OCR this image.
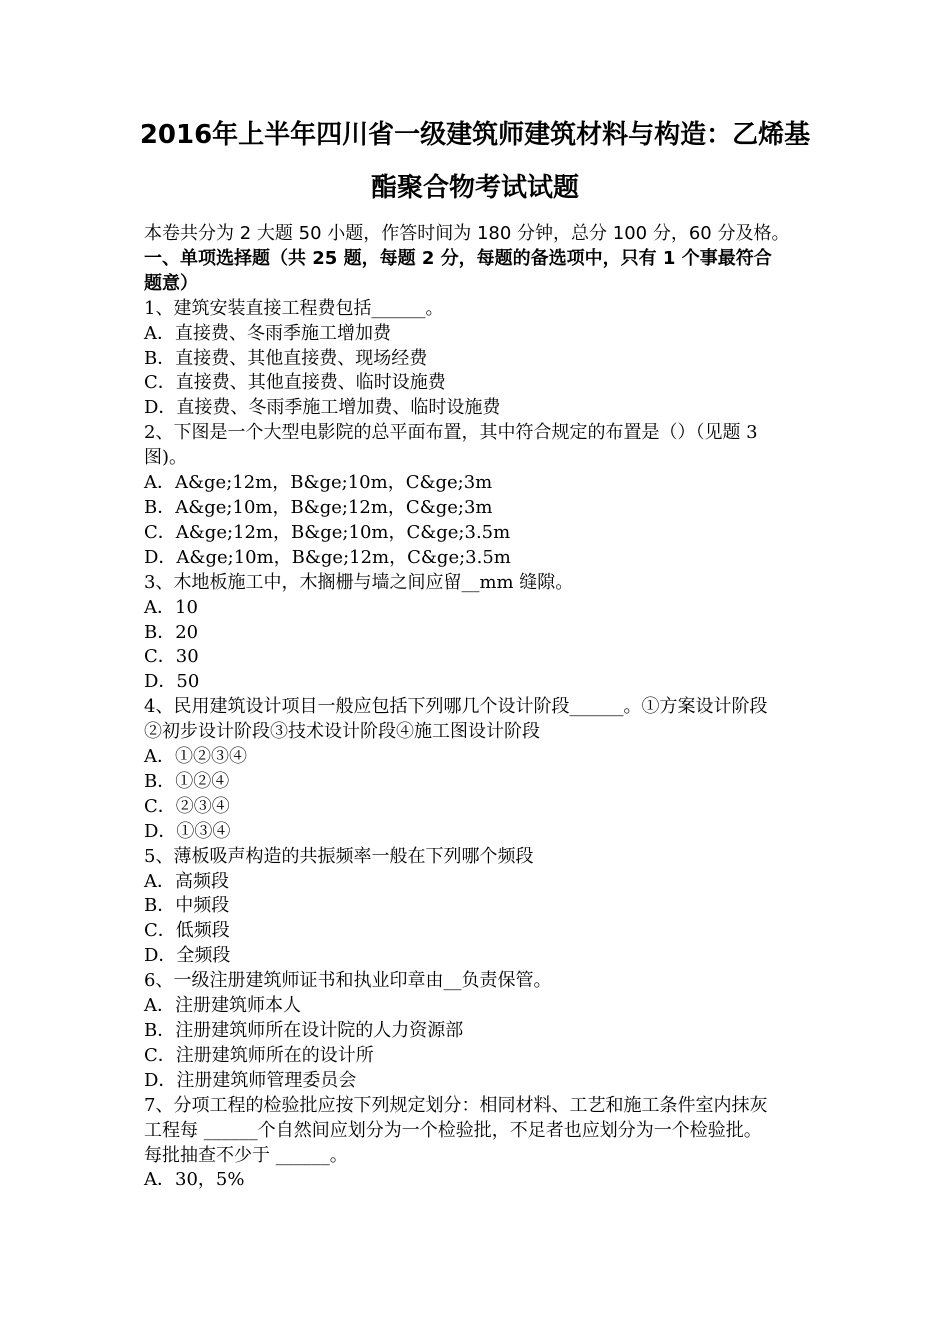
2016年上半年四川省一级建筑师建筑材料与构造：乙烯基
酯聚合物考试试题
本卷共分为 2 大题 50 小题，作答时间为 180 分钟，总分 100 分，60 分及格。
一、单项选择题（共 25 题，每题 2 分，每题的备选项中，只有 1 个事最符合
题意）
1、建筑安装直接工程费包括______。
A．直接费、冬雨季施工增加费
B．直接费、其他直接费、现场经费
C．直接费、其他直接费、临时设施费
D．直接费、冬雨季施工增加费、临时设施费
2、下图是一个大型电影院的总平面布置，其中符合规定的布置是（）（见题 3
图)。
A．A&ge;12m，B&ge;10m，C&ge;3m
B．A&ge;10m，B&ge;12m，C&ge;3m
C．A&ge;12m，B&ge;10m，C&ge;3.5m
D．A&ge;10m，B&ge;12m，C&ge;3.5m
3、木地板施工中，木搁栅与墙之间应留__mm 缝隙。
A．10
B．20
C．30
D．50
4、民用建筑设计项目一般应包括下列哪几个设计阶段______。①方案设计阶段
②初步设计阶段③技术设计阶段④施工图设计阶段
A．①②③④
B．①②④
C．②③④
D．①③④
5、薄板吸声构造的共振频率一般在下列哪个频段
A．高频段
B．中频段
C．低频段
D．全频段
6、一级注册建筑师证书和执业印章由__负责保管。
A．注册建筑师本人
B．注册建筑师所在设计院的人力资源部
C．注册建筑师所在的设计所
D．注册建筑师管理委员会
7、分项工程的检验批应按下列规定划分：相同材料、工艺和施工条件室内抹灰
工程每 ______个自然间应划分为一个检验批，不足者也应划分为一个检验批。
每批抽查不少于 ______。
A．30，5%
